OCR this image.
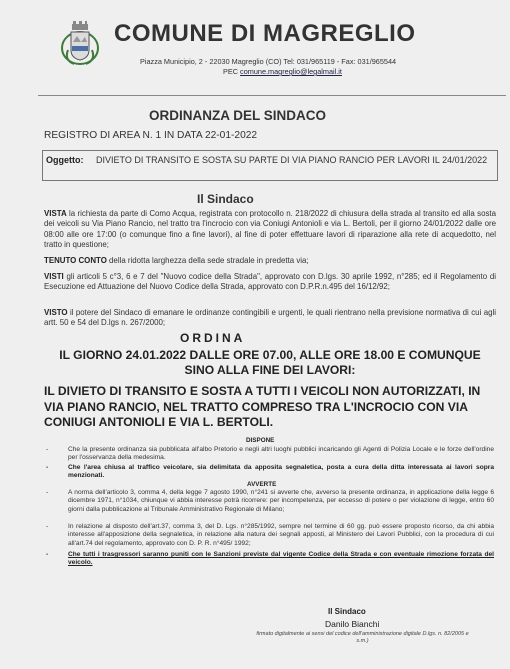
COMUNE DI MAGREGLIO
Piazza Municipio, 2 - 22030 Magreglio (CO) Tel: 031/965119 - Fax: 031/965544
PEC comune.magreglio@legalmail.it
ORDINANZA DEL SINDACO
REGISTRO DI AREA N. 1 IN DATA 22-01-2022
Oggetto: DIVIETO DI TRANSITO E SOSTA SU PARTE DI VIA PIANO RANCIO PER LAVORI IL 24/01/2022
Il Sindaco
VISTA la richiesta da parte di Como Acqua, registrata con protocollo n. 218/2022 di chiusura della strada al transito ed alla sosta dei veicoli su Via Piano Rancio, nel tratto tra l'incrocio con via Coniugi Antonioli e via L. Bertoli, per il giorno 24/01/2022 dalle ore 08:00 alle ore 17:00 (o comunque fino a fine lavori), al fine di poter effettuare lavori di riparazione alla rete di acquedotto, nel tratto in questione;
TENUTO CONTO della ridotta larghezza della sede stradale in predetta via;
VISTI gli articoli 5 c°3, 6 e 7 del "Nuovo codice della Strada", approvato con D.lgs. 30 aprile 1992, n°285; ed il Regolamento di Esecuzione ed Attuazione del Nuovo Codice della Strada, approvato con D.P.R.n.495 del 16/12/92;
VISTO il potere del Sindaco di emanare le ordinanze contingibili e urgenti, le quali rientrano nella previsione normativa di cui agli artt. 50 e 54 del D.lgs n. 267/2000;
ORDINA
IL GIORNO 24.01.2022 DALLE ORE 07.00, ALLE ORE 18.00 E COMUNQUE SINO ALLA FINE DEI LAVORI:
IL DIVIETO DI TRANSITO E SOSTA A TUTTI I VEICOLI NON AUTORIZZATI, IN VIA PIANO RANCIO, NEL TRATTO COMPRESO TRA L'INCROCIO CON VIA CONIUGI ANTONIOLI E VIA L. BERTOLI.
DISPONE
-	Che la presente ordinanza sia pubblicata all'albo Pretorio e negli altri luoghi pubblici incaricando gli Agenti di Polizia Locale e le forze dell'ordine per l'osservanza della medesima.
-	Che l'area chiusa al traffico veicolare, sia delimitata da apposita segnaletica, posta a cura della ditta interessata ai lavori sopra menzionati.
AVVERTE
-	A norma dell'articolo 3, comma 4, della legge 7 agosto 1990, n°241 si avverte che, avverso la presente ordinanza, in applicazione della legge 6 dicembre 1971, n°1034, chiunque vi abbia interesse potrà ricorrere: per incompetenza, per eccesso di potere o per violazione di legge, entro 60 giorni dalla pubblicazione al Tribunale Amministrativo Regionale di Milano;
-	In relazione al disposto dell'art.37, comma 3, del D. Lgs. n°285/1992, sempre nel termine di 60 gg. può essere proposto ricorso, da chi abbia interesse all'apposizione della segnaletica, in relazione alla natura dei segnali apposti, al Ministero dei Lavori Pubblici, con la procedura di cui all'art.74 del regolamento, approvato con D. P. R. n°495/ 1992;
-	Che tutti i trasgressori saranno puniti con le Sanzioni previste dal vigente Codice della Strada e con eventuale rimozione forzata del veicolo.
Il Sindaco
Danilo Bianchi
firmato digitalmente ai sensi del codice dell'amministrazione digitale D.lgs. n. 82/2005 e s.m.)
